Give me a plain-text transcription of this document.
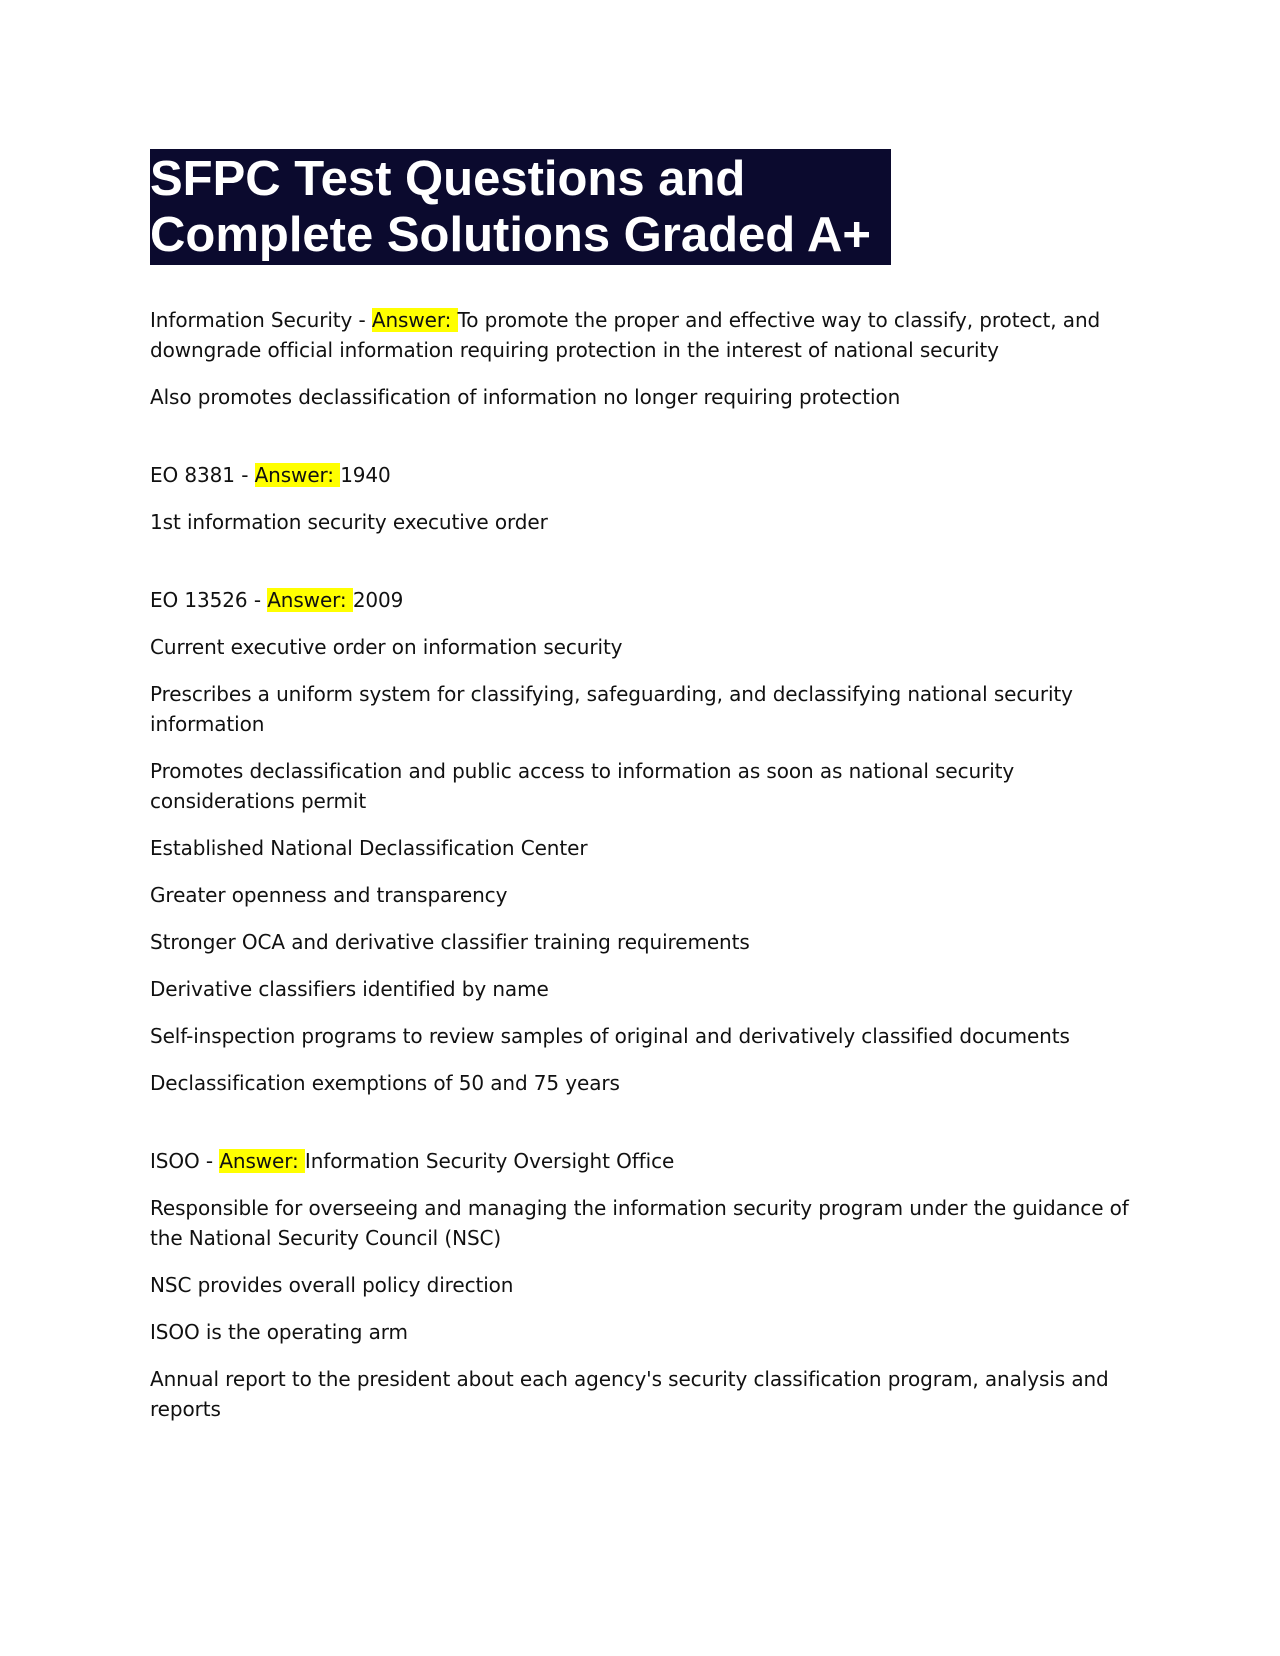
SFPC Test Questions and
Complete Solutions Graded A+

Information Security - Answer: To promote the proper and effective way to classify, protect, and downgrade official information requiring protection in the interest of national security

Also promotes declassification of information no longer requiring protection

EO 8381 - Answer: 1940

1st information security executive order

EO 13526 - Answer: 2009

Current executive order on information security

Prescribes a uniform system for classifying, safeguarding, and declassifying national security information

Promotes declassification and public access to information as soon as national security considerations permit

Established National Declassification Center

Greater openness and transparency

Stronger OCA and derivative classifier training requirements

Derivative classifiers identified by name

Self-inspection programs to review samples of original and derivatively classified documents

Declassification exemptions of 50 and 75 years

ISOO - Answer: Information Security Oversight Office

Responsible for overseeing and managing the information security program under the guidance of the National Security Council (NSC)

NSC provides overall policy direction

ISOO is the operating arm

Annual report to the president about each agency's security classification program, analysis and reports
